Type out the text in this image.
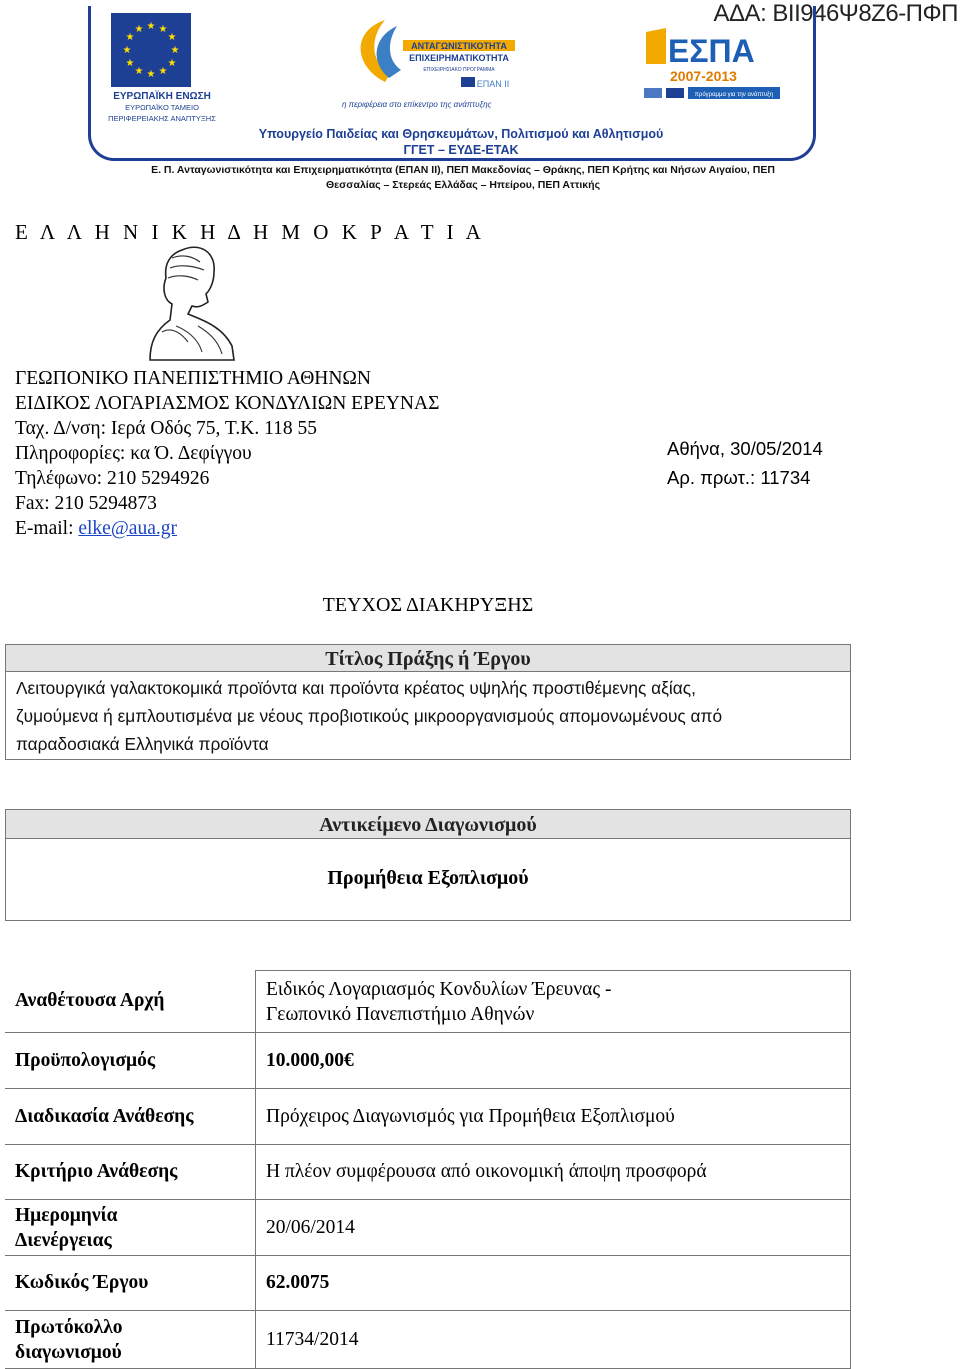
ΑΔΑ: ΒΙΙ946Ψ8Ζ6-ΠΦΠ
★ ★
★
★
★
★
★
★
★
★
★
★
ΕΥΡΩΠΑΪΚΗ ΕΝΩΣΗ
ΕΥΡΩΠΑΪΚΟ ΤΑΜΕΙΟ
ΠΕΡΙΦΕΡΕΙΑΚΗΣ ΑΝΑΠΤΥΞΗΣ
ΑΝΤΑΓΩΝΙΣΤΙΚΟΤΗΤΑ
ΕΠΙΧΕΙΡΗΜΑΤΙΚΟΤΗΤΑ
ΕΠΙΧΕΙΡΗΣΙΑΚΟ ΠΡΟΓΡΑΜΜΑ
ΕΠΑΝ ΙΙ
η περιφέρεια στο επίκεντρο της ανάπτυξης
ΕΣΠΑ
2007-2013
πρόγραμμα για την ανάπτυξη
Υπουργείο Παιδείας και Θρησκευμάτων, Πολιτισμού και Αθλητισμού
ΓΓΕΤ – ΕΥΔΕ-ΕΤΑΚ
Ε. Π. Ανταγωνιστικότητα και Επιχειρηματικότητα (ΕΠΑΝ ΙΙ), ΠΕΠ Μακεδονίας – Θράκης, ΠΕΠ Κρήτης και Νήσων Αιγαίου, ΠΕΠ
Θεσσαλίας – Στερεάς Ελλάδας – Ηπείρου, ΠΕΠ Αττικής
Ε Λ Λ Η Ν Ι Κ Η Δ Η Μ Ο Κ Ρ Α Τ Ι Α
ΓΕΩΠΟΝΙΚΟ ΠΑΝΕΠΙΣΤΗΜΙΟ ΑΘΗΝΩΝ
ΕΙΔΙΚΟΣ ΛΟΓΑΡΙΑΣΜΟΣ ΚΟΝΔΥΛΙΩΝ ΕΡΕΥΝΑΣ
Ταχ. Δ/νση: Ιερά Οδός 75, Τ.Κ. 118 55
Πληροφορίες: κα Ό. Δεφίγγου
Τηλέφωνο: 210 5294926
Fax: 210 5294873
E-mail: elke@aua.gr
Αθήνα, 30/05/2014
Αρ. πρωτ.: 11734
ΤΕΥΧΟΣ ΔΙΑΚΗΡΥΞΗΣ
Τίτλος Πράξης ή Έργου
Λειτουργικά γαλακτοκομικά προϊόντα και προϊόντα κρέατος υψηλής προστιθέμενης αξίας,
ζυμούμενα ή εμπλουτισμένα με νέους προβιοτικούς μικροοργανισμούς απομονωμένους από
παραδοσιακά Ελληνικά προϊόντα
Αντικείμενο Διαγωνισμού
Προμήθεια Εξοπλισμού
Αναθέτουσα Αρχή	Ειδικός Λογαριασμός Κονδυλίων Έρευνας -
Γεωπονικό Πανεπιστήμιο Αθηνών

Προϋπολογισμός	10.000,00€
Διαδικασία Ανάθεσης	Πρόχειρος Διαγωνισμός για Προμήθεια Εξοπλισμού
Κριτήριο Ανάθεσης	Η πλέον συμφέρουσα από οικονομική άποψη προσφορά

Ημερομηνία
Διενέργειας	20/06/2014
Κωδικός Έργου	62.0075

Πρωτόκολλο
διαγωνισμού	11734/2014
